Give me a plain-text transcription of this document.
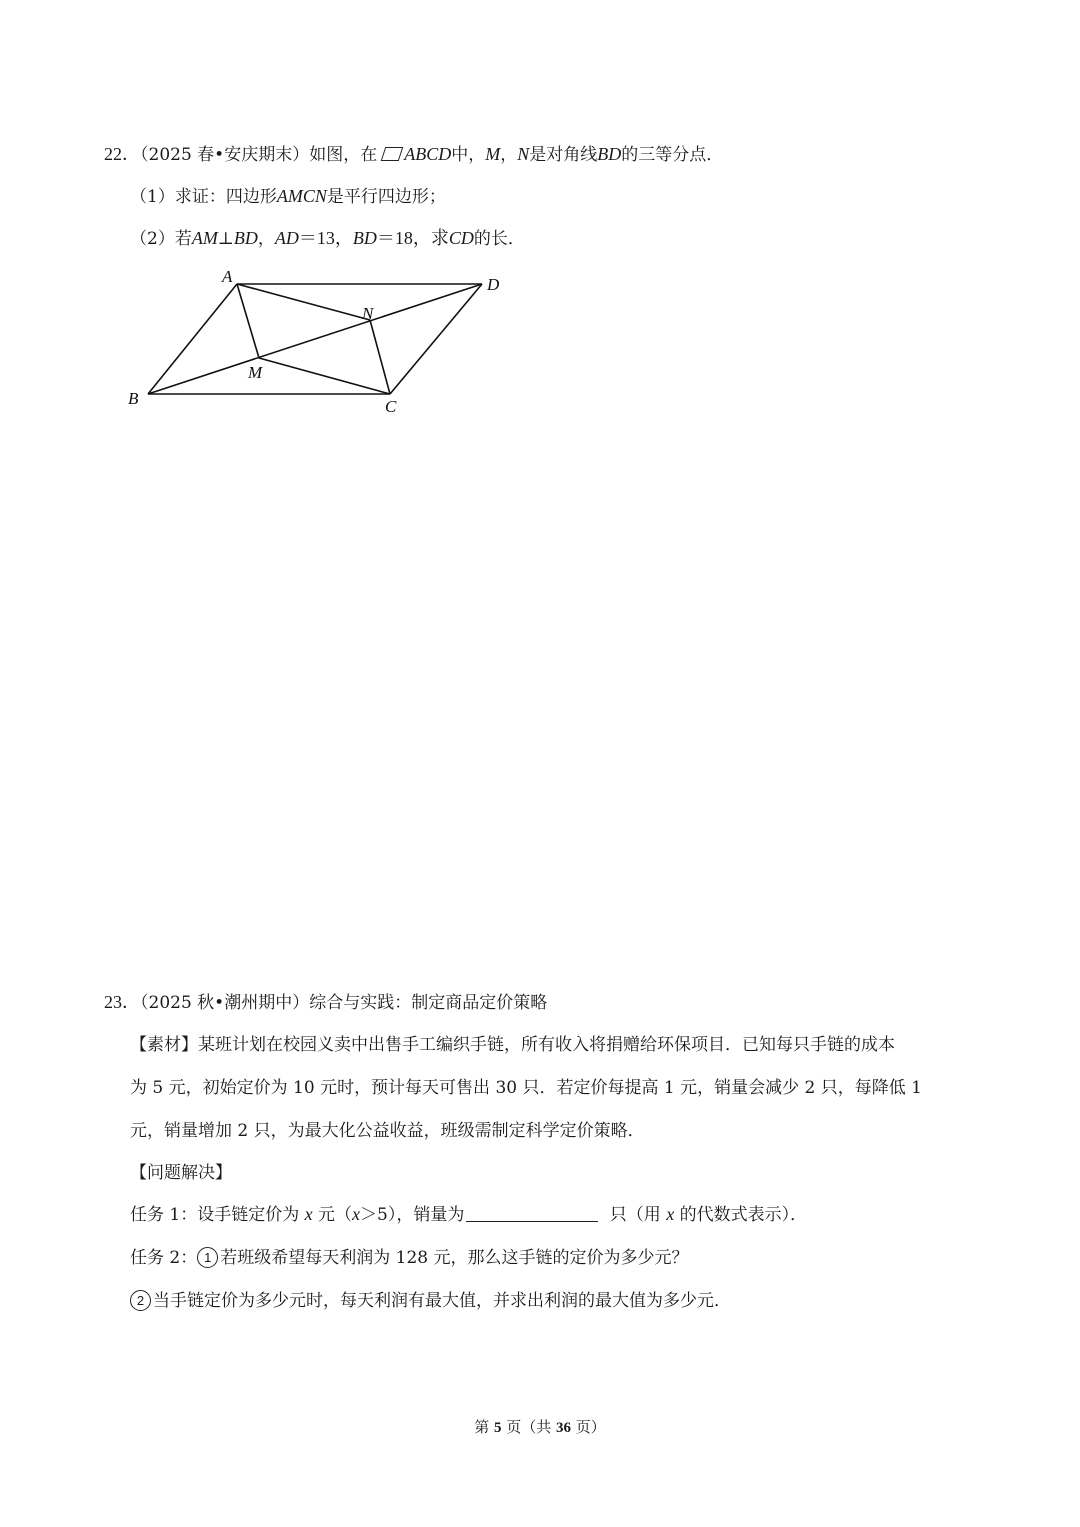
22．（2025 春•安庆期末）如图，在 ABCD中，M，N是对角线BD的三等分点．
（1）求证：四边形AMCN是平行四边形；
（2）若AM⊥BD，AD＝13，BD＝18，求CD的长．
A	D
N
M
B	C
23．（2025 秋•潮州期中）综合与实践：制定商品定价策略
【素材】某班计划在校园义卖中出售手工编织手链，所有收入将捐赠给环保项目．已知每只手链的成本
为 5 元，初始定价为 10 元时，预计每天可售出 30 只．若定价每提高 1 元，销量会减少 2 只，每降低 1
元，销量增加 2 只，为最大化公益收益，班级需制定科学定价策略．
【问题解决】
任务 1：设手链定价为 x 元（x＞5），销量为	只（用 x 的代数式表示）．
任务 2： 1 若班级希望每天利润为 128 元，那么这手链的定价为多少元？
2 当手链定价为多少元时，每天利润有最大值，并求出利润的最大值为多少元．
第 5 页（共 36 页）
